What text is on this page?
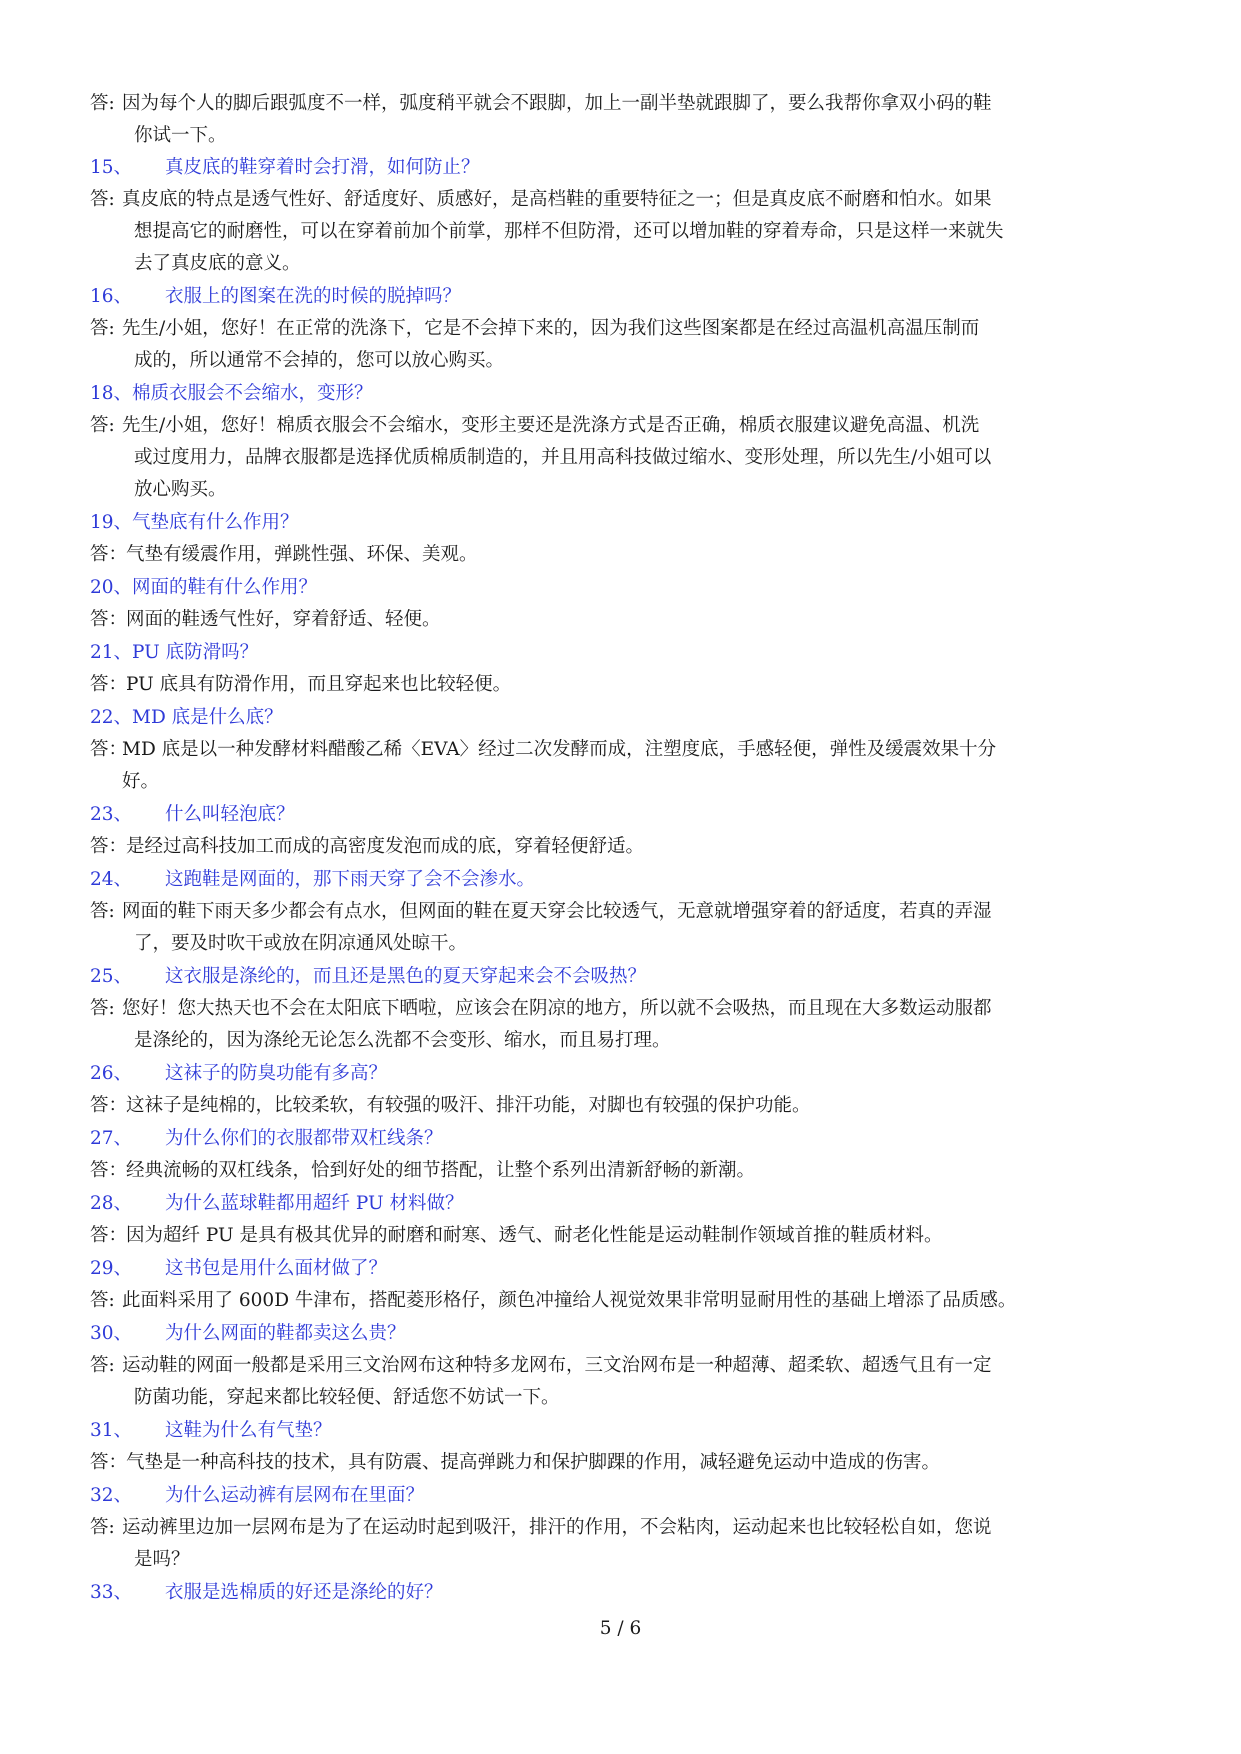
答: 因为每个人的脚后跟弧度不一样，弧度稍平就会不跟脚，加上一副半垫就跟脚了，要么我帮你拿双小码的鞋
你试一下。
15、 真皮底的鞋穿着时会打滑，如何防止？
答: 真皮底的特点是透气性好、舒适度好、质感好，是高档鞋的重要特征之一；但是真皮底不耐磨和怕水。如果
想提高它的耐磨性，可以在穿着前加个前掌，那样不但防滑，还可以增加鞋的穿着寿命，只是这样一来就失
去了真皮底的意义。
16、 衣服上的图案在洗的时候的脱掉吗？
答: 先生/小姐，您好！在正常的洗涤下，它是不会掉下来的，因为我们这些图案都是在经过高温机高温压制而
成的，所以通常不会掉的，您可以放心购买。
18、 棉质衣服会不会缩水，变形？
答: 先生/小姐，您好！棉质衣服会不会缩水，变形主要还是洗涤方式是否正确，棉质衣服建议避免高温、机洗
或过度用力，品牌衣服都是选择优质棉质制造的，并且用高科技做过缩水、变形处理，所以先生/小姐可以
放心购买。
19、 气垫底有什么作用？
答：
气垫有缓震作用，弹跳性强、环保、美观。
20、 网面的鞋有什么作用？
答：
网面的鞋透气性好，穿着舒适、轻便。
21、 PU 底防滑吗？
答：
PU 底具有防滑作用，而且穿起来也比较轻便。
22、 MD 底是什么底？
答：
MD 底是以一种发酵材料醋酸乙稀〈EVA〉经过二次发酵而成，注塑度底，手感轻便，弹性及缓震效果十分
好。
23、 什么叫轻泡底？
答：
是经过高科技加工而成的高密度发泡而成的底，穿着轻便舒适。
24、 这跑鞋是网面的，那下雨天穿了会不会渗水。
答: 网面的鞋下雨天多少都会有点水，但网面的鞋在夏天穿会比较透气，无意就增强穿着的舒适度，若真的弄湿
了，要及时吹干或放在阴凉通风处晾干。
25、 这衣服是涤纶的，而且还是黑色的夏天穿起来会不会吸热？
答: 您好！您大热天也不会在太阳底下晒啦，应该会在阴凉的地方，所以就不会吸热，而且现在大多数运动服都
是涤纶的，因为涤纶无论怎么洗都不会变形、缩水，而且易打理。
26、 这袜子的防臭功能有多高？
答：
这袜子是纯棉的，比较柔软，有较强的吸汗、排汗功能，对脚也有较强的保护功能。
27、 为什么你们的衣服都带双杠线条？
答：
经典流畅的双杠线条，恰到好处的细节搭配，让整个系列出清新舒畅的新潮。
28、 为什么蓝球鞋都用超纤 PU 材料做？
答：
因为超纤 PU 是具有极其优异的耐磨和耐寒、透气、耐老化性能是运动鞋制作领域首推的鞋质材料。
29、 这书包是用什么面材做了？
答: 此面料采用了 600D 牛津布，搭配菱形格仔，颜色冲撞给人视觉效果非常明显耐用性的基础上增添了品质感。
30、 为什么网面的鞋都卖这么贵？
答: 运动鞋的网面一般都是采用三文治网布这种特多龙网布，三文治网布是一种超薄、超柔软、超透气且有一定
防菌功能，穿起来都比较轻便、舒适您不妨试一下。
31、 这鞋为什么有气垫？
答：
气垫是一种高科技的技术，具有防震、提高弹跳力和保护脚踝的作用，减轻避免运动中造成的伤害。
32、 为什么运动裤有层网布在里面？
答: 运动裤里边加一层网布是为了在运动时起到吸汗，排汗的作用，不会粘肉，运动起来也比较轻松自如，您说
是吗？
33、 衣服是选棉质的好还是涤纶的好？
5 / 6
